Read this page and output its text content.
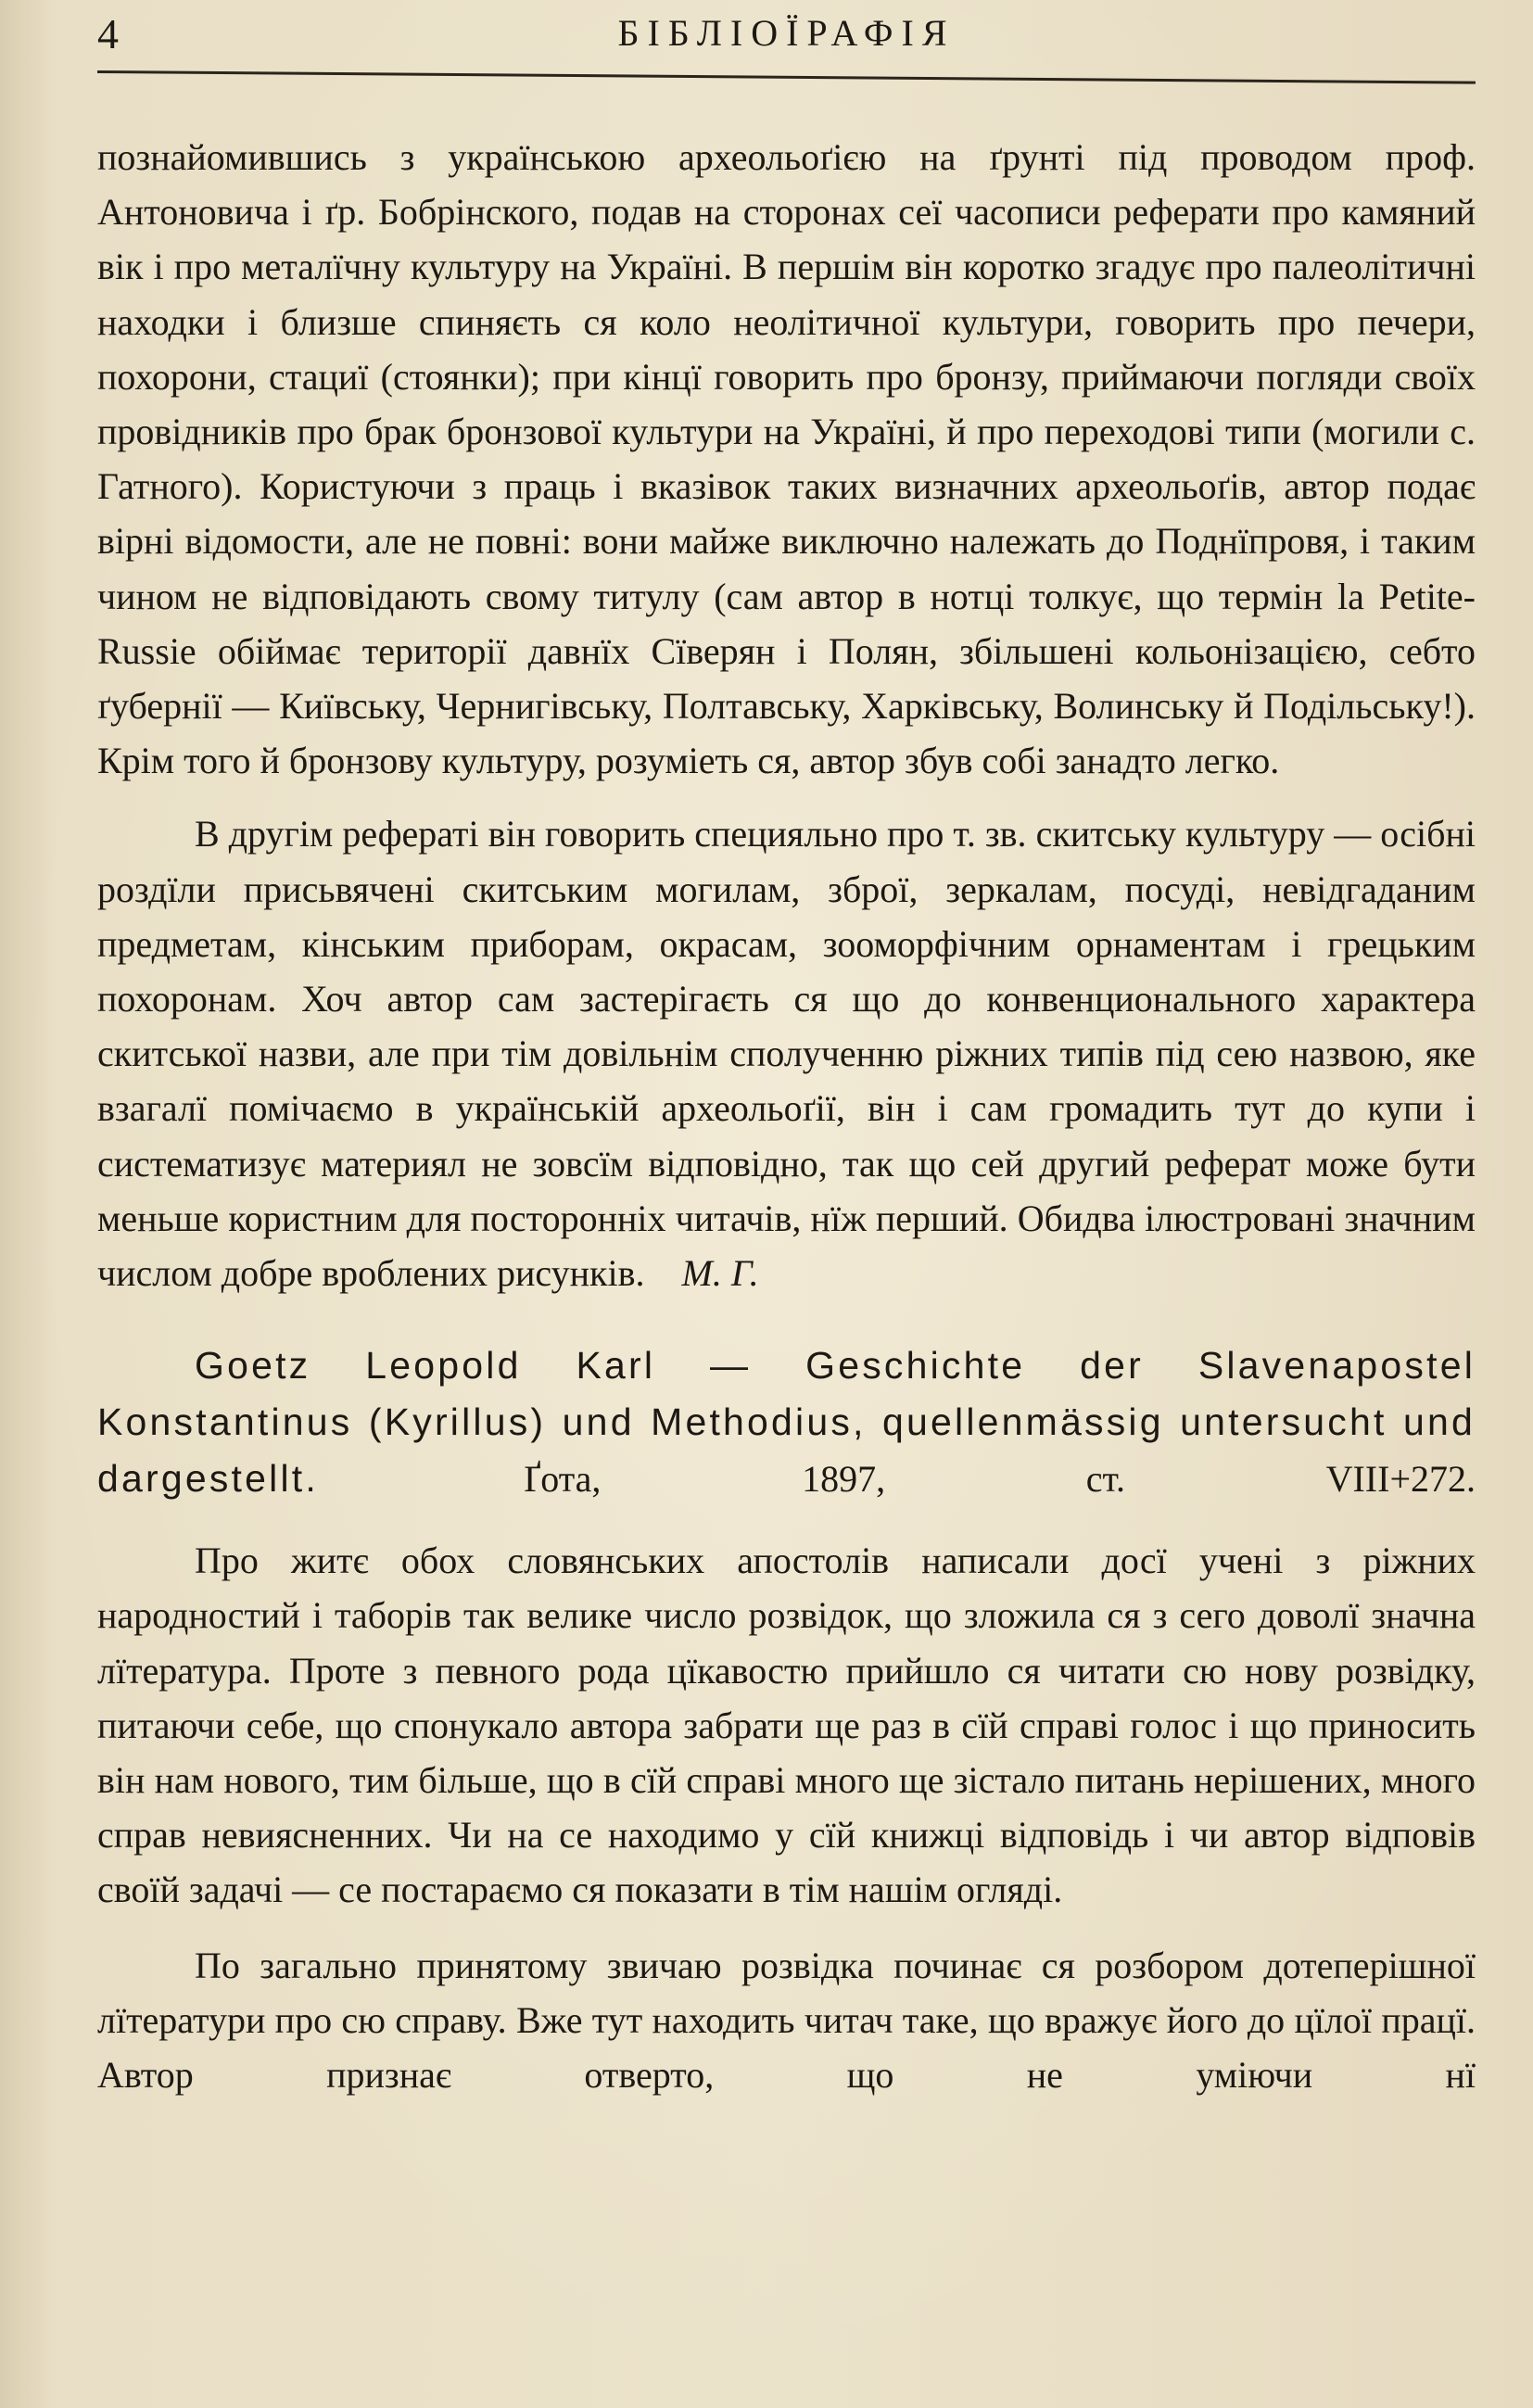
4	БІБЛІОЇРАФІЯ

познайомившись з українською археольоґією на ґрунті під проводом проф. Антоновича і ґр. Бобрінского, подав на сторонах сеї часописи реферати про камяний вік і про металїчну культуру на Україні. В першім він коротко згадує про палеолітичні находки і близше спиняєть ся коло неолітичної культури, говорить про печери, похорони, стациї (стоянки); при кінцї говорить про бронзу, приймаючи погляди своїх провідників про брак бронзової культури на Україні, й про переходові типи (могили с. Гатного). Користуючи з праць і вказівок таких визначних археольоґів, автор подає вірні відомости, але не повні: вони майже виключно належать до Поднїпровя, і таким чином не відповідають свому титулу (сам автор в нотці толкує, що термін la Petite-Russie обіймає території давнїх Сїверян і Полян, збільшені кольонізацією, себто ґубернії — Київську, Чернигівську, Полтавську, Харківську, Волинську й Подільську!). Крім того й бронзову культуру, розуміеть ся, автор збув собі занадто легко.

В другім рефераті він говорить специяльно про т. зв. скитську культуру — осібні роздїли присьвячені скитським могилам, зброї, зеркалам, посуді, невідгаданим предметам, кінським приборам, окрасам, зооморфічним орнаментам і грецьким похоронам. Хоч автор сам застерігаєть ся що до конвенционального характера скитської назви, але при тім довільнім сполученню ріжних типів під сею назвою, яке взагалї помічаємо в українській археольоґії, він і сам громадить тут до купи і систематизує материял не зовсїм відповідно, так що сей другий реферат може бути меньше користним для посторонніх читачів, нїж перший. Обидва ілюстровані значним числом добре вроблених рисунків. М. Г.

Goetz Leopold Karl — Geschichte der Slavenapostel Konstantinus (Kyrillus) und Methodius, quellenmässig untersucht und dargestellt.	Ґота, 1897, ст. VIII+272.

Про житє обох словянських апостолів написали досї учені з ріжних народностий і таборів так велике число розвідок, що зложила ся з сего доволї значна лїтература. Проте з певного рода цїкавостю прийшло ся читати сю нову розвідку, питаючи себе, що спонукало автора забрати ще раз в сїй справі голос і що приносить він нам нового, тим більше, що в сїй справі много ще зістало питань нерішених, много справ невиясненних. Чи на се находимо у сїй книжці відповідь і чи автор відповів своїй задачі — се постараємо ся показати в тім нашім огляді.

По загально принятому звичаю розвідка починає ся розбором дотеперішної лїтератури про сю справу. Вже тут находить читач таке, що вражує його до цїлої працї. Автор признає отверто, що не уміючи нї
